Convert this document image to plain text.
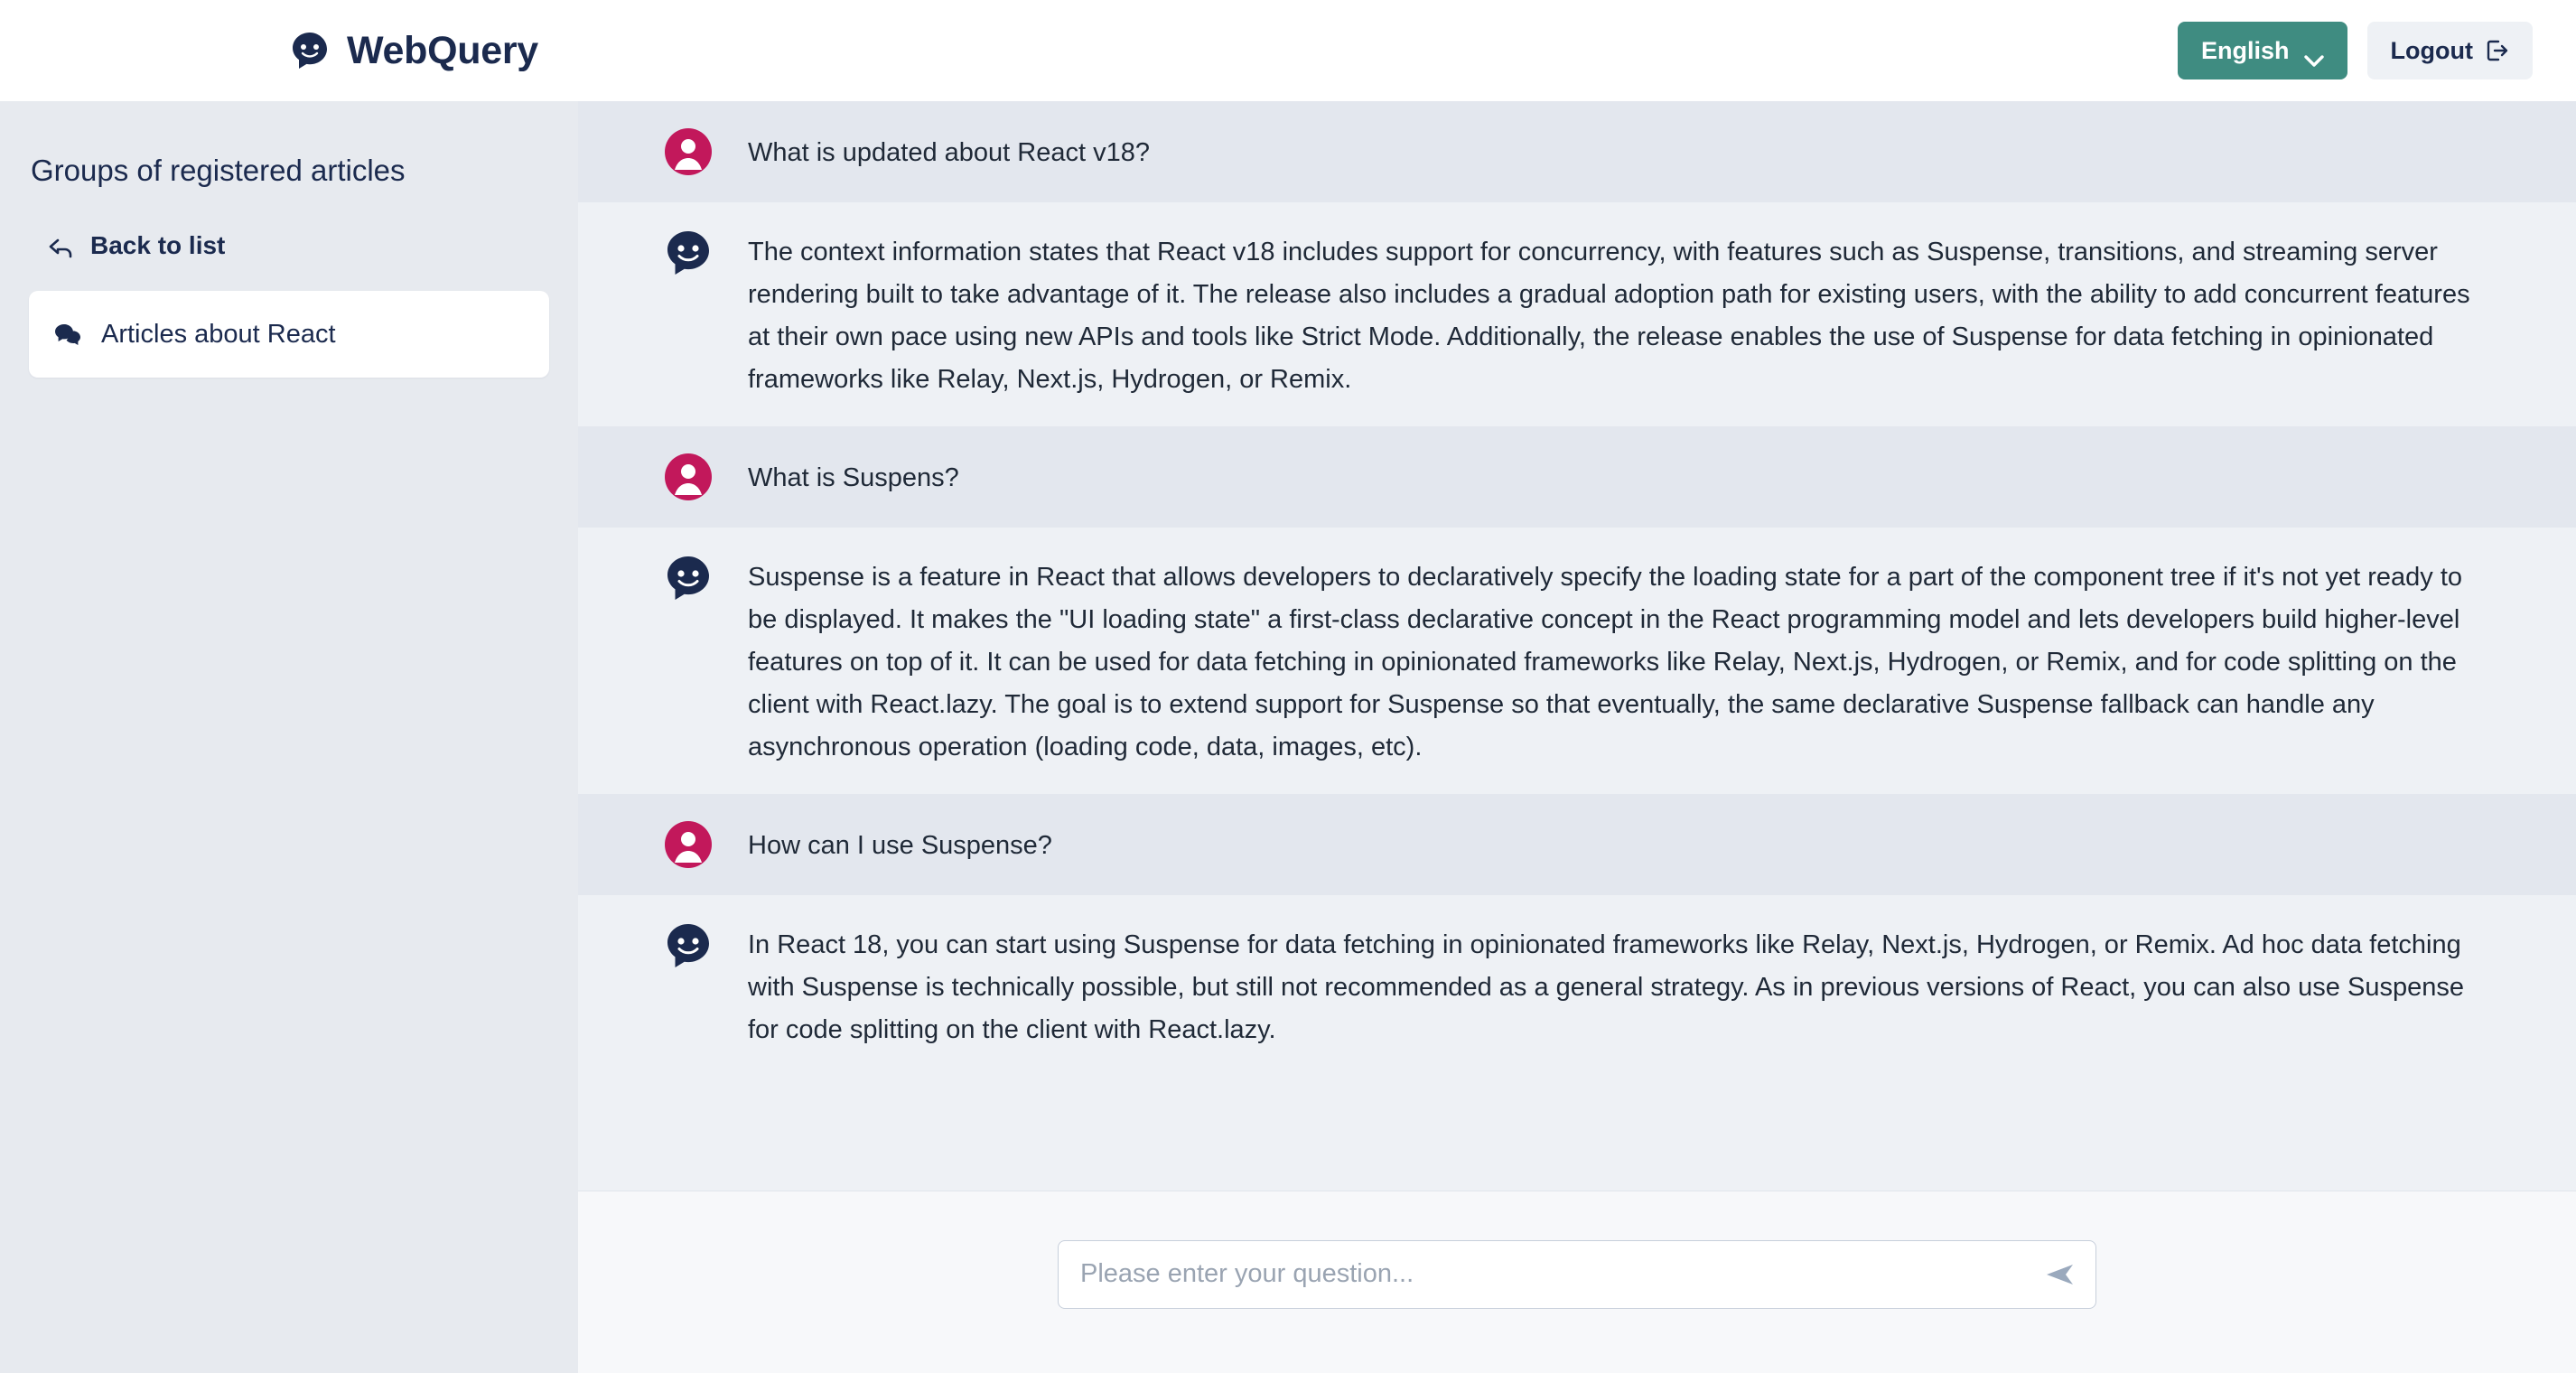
WebQuery	English	Logout
Groups of registered articles
Back to list
Articles about React
What is updated about React v18?
The context information states that React v18 includes support for concurrency, with features such as Suspense, transitions, and streaming server rendering built to take advantage of it. The release also includes a gradual adoption path for existing users, with the ability to add concurrent features at their own pace using new APIs and tools like Strict Mode. Additionally, the release enables the use of Suspense for data fetching in opinionated frameworks like Relay, Next.js, Hydrogen, or Remix.
What is Suspens?
Suspense is a feature in React that allows developers to declaratively specify the loading state for a part of the component tree if it's not yet ready to be displayed. It makes the "UI loading state" a first-class declarative concept in the React programming model and lets developers build higher-level features on top of it. It can be used for data fetching in opinionated frameworks like Relay, Next.js, Hydrogen, or Remix, and for code splitting on the client with React.lazy. The goal is to extend support for Suspense so that eventually, the same declarative Suspense fallback can handle any asynchronous operation (loading code, data, images, etc).
How can I use Suspense?
In React 18, you can start using Suspense for data fetching in opinionated frameworks like Relay, Next.js, Hydrogen, or Remix. Ad hoc data fetching with Suspense is technically possible, but still not recommended as a general strategy. As in previous versions of React, you can also use Suspense for code splitting on the client with React.lazy.
Please enter your question...
